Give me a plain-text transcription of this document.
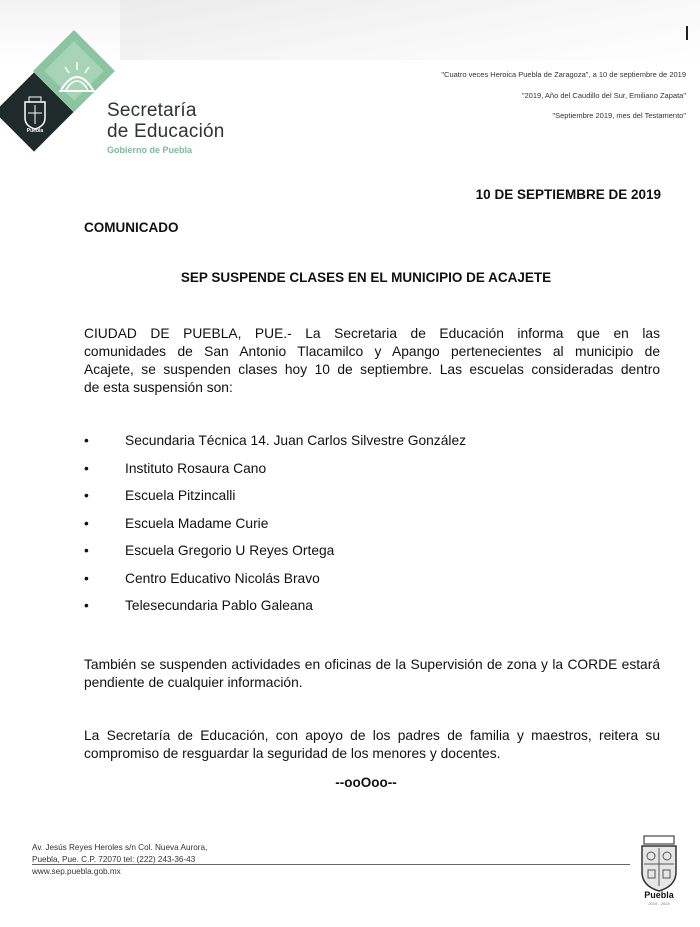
Puebla
Secretaría
de Educación
Gobierno de Puebla
"Cuatro veces Heroica Puebla de Zaragoza", a 10 de septiembre de 2019
"2019, Año del Caudillo del Sur, Emiliano Zapata"
"Septiembre 2019, mes del Testamento"
10 DE SEPTIEMBRE DE 2019
COMUNICADO
SEP SUSPENDE CLASES EN EL MUNICIPIO DE ACAJETE
CIUDAD DE PUEBLA, PUE.- La Secretaria de Educación informa que en las
comunidades de San Antonio Tlacamilco y Apango pertenecientes al municipio de
Acajete, se suspenden clases hoy 10 de septiembre. Las escuelas consideradas dentro
de esta suspensión son:
•	Secundaria Técnica 14. Juan Carlos Silvestre González
•	Instituto Rosaura Cano
•	Escuela Pitzincalli
•	Escuela Madame Curie
•	Escuela Gregorio U Reyes Ortega
•	Centro Educativo Nicolás Bravo
•	Telesecundaria Pablo Galeana
También se suspenden actividades en oficinas de la Supervisión de zona y la CORDE estará pendiente de cualquier información.
La Secretaría de Educación, con apoyo de los padres de familia y maestros, reitera su compromiso de resguardar la seguridad de los menores y docentes.
--ooOoo--
Av. Jesús Reyes Heroles s/n Col. Nueva Aurora,
Puebla, Pue. C.P. 72070 tel: (222) 243-36-43
www.sep.puebla.gob.mx
Puebla
2019 - 2024
